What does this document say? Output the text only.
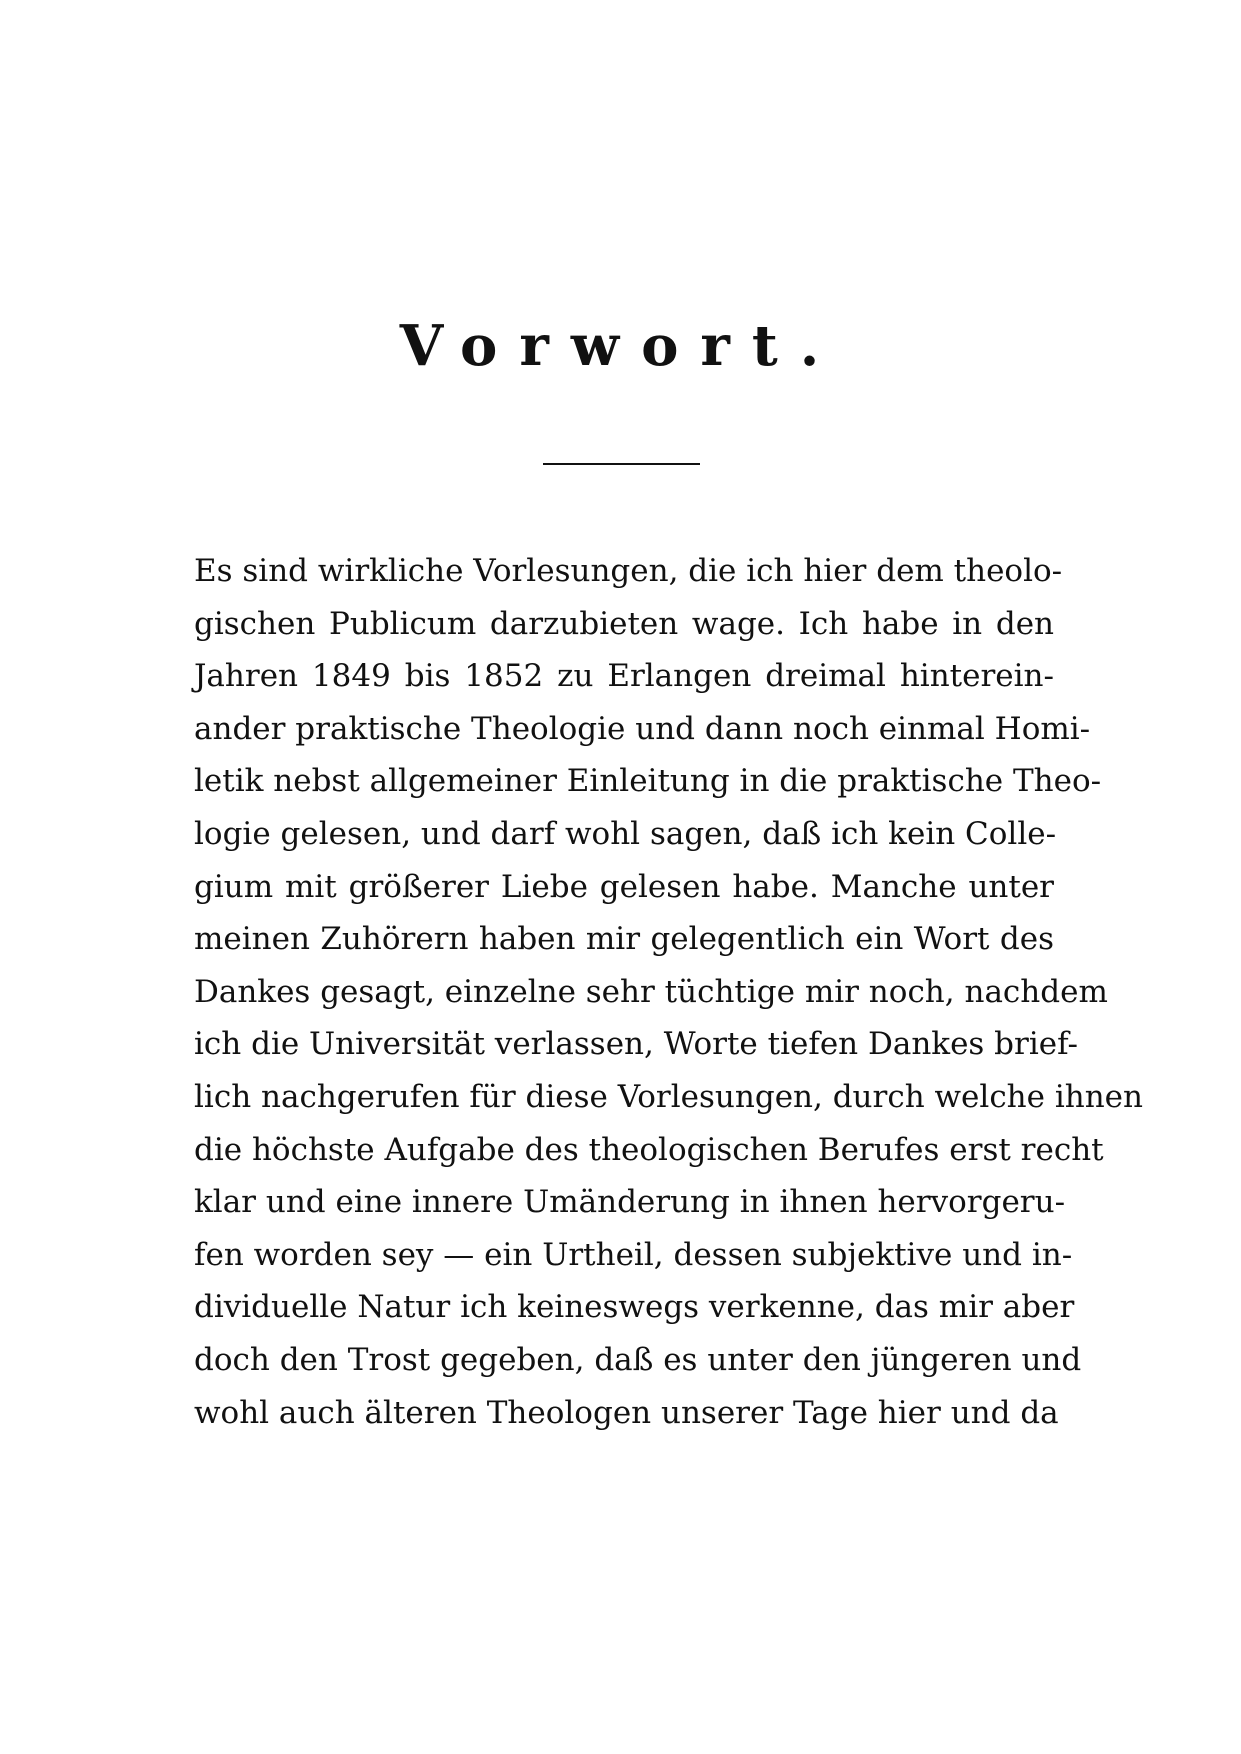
Vorwort.
Es sind wirkliche Vorlesungen, die ich hier dem theolo-
gischen Publicum darzubieten wage. Ich habe in den
Jahren 1849 bis 1852 zu Erlangen dreimal hinterein-
ander praktische Theologie und dann noch einmal Homi-
letik nebst allgemeiner Einleitung in die praktische Theo-
logie gelesen, und darf wohl sagen, daß ich kein Colle-
gium mit größerer Liebe gelesen habe. Manche unter
meinen Zuhörern haben mir gelegentlich ein Wort des
Dankes gesagt, einzelne sehr tüchtige mir noch, nachdem
ich die Universität verlassen, Worte tiefen Dankes brief-
lich nachgerufen für diese Vorlesungen, durch welche ihnen
die höchste Aufgabe des theologischen Berufes erst recht
klar und eine innere Umänderung in ihnen hervorgeru-
fen worden sey — ein Urtheil, dessen subjektive und in-
dividuelle Natur ich keineswegs verkenne, das mir aber
doch den Trost gegeben, daß es unter den jüngeren und
wohl auch älteren Theologen unserer Tage hier und da
